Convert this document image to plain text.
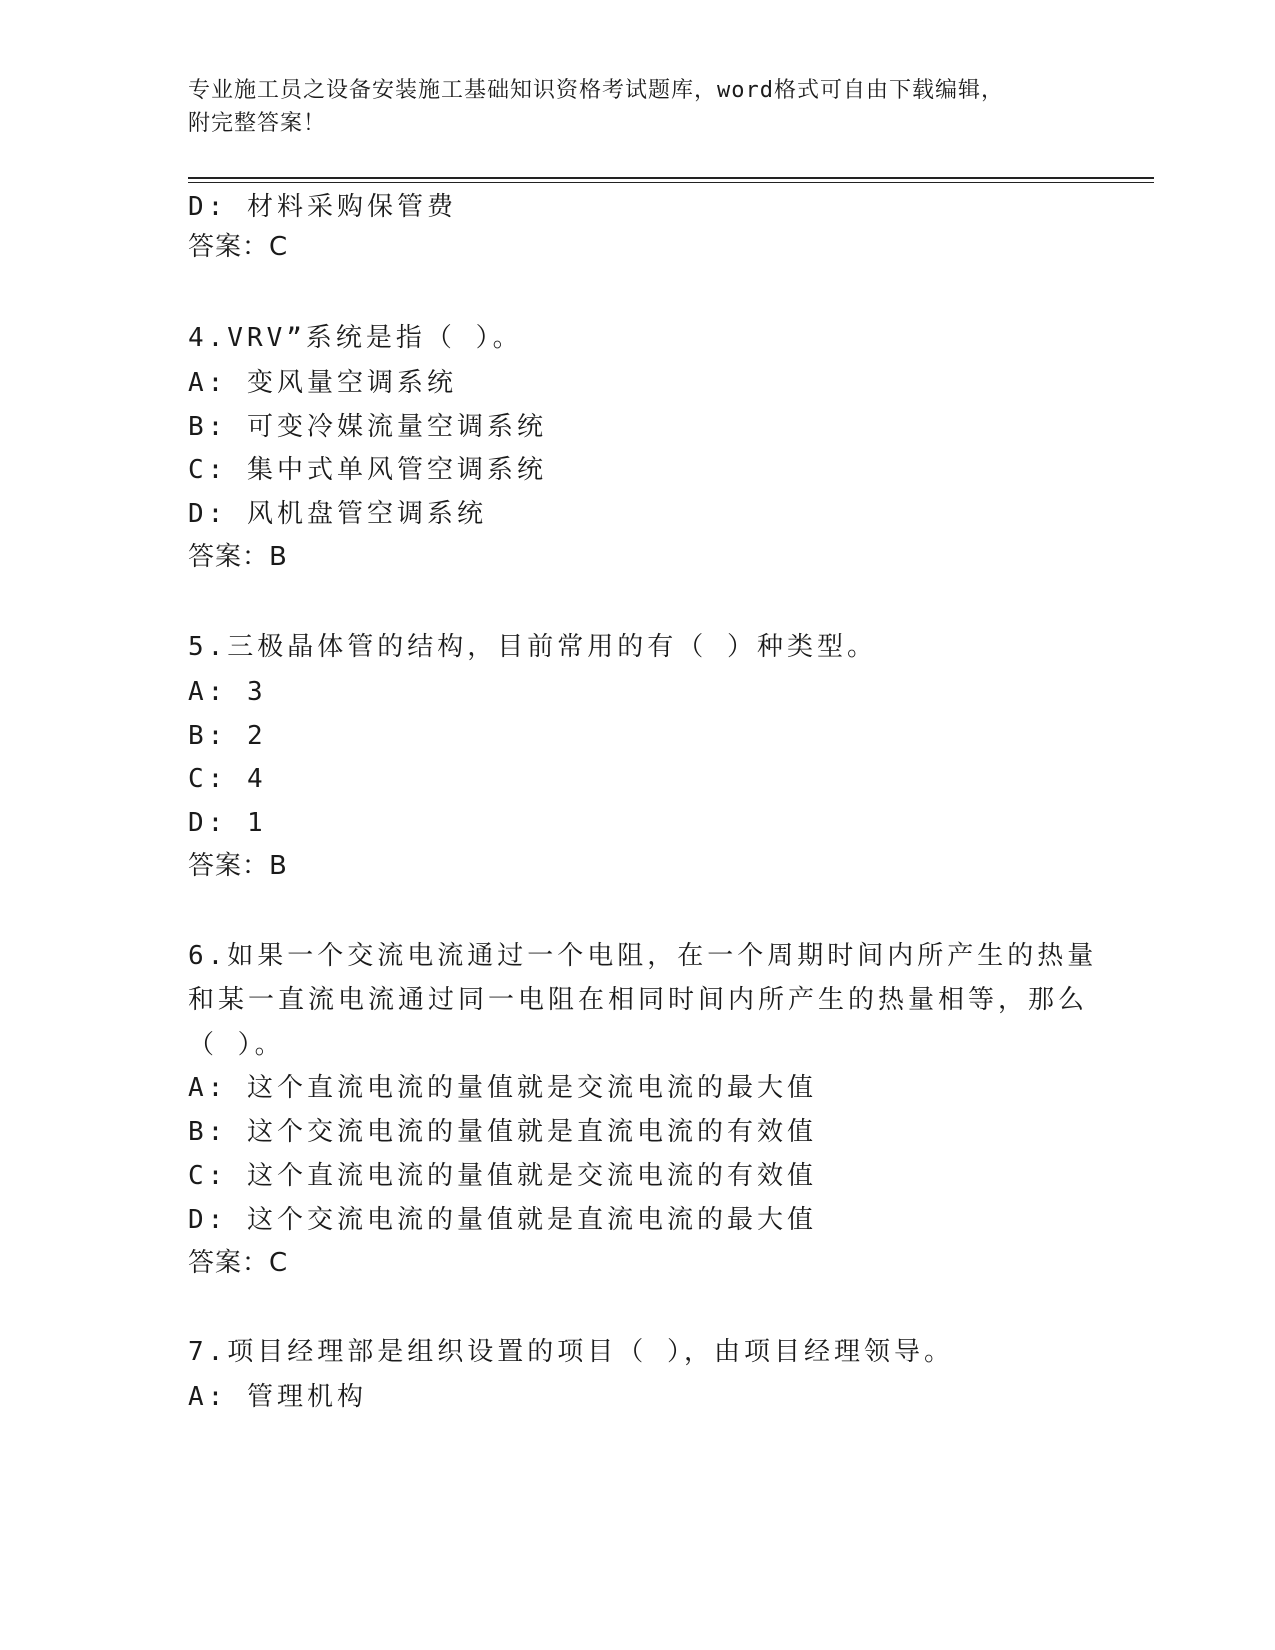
专业施工员之设备安装施工基础知识资格考试题库，word格式可自由下载编辑，
附完整答案！
D: 材料采购保管费
答案：C
4.VRV”系统是指（ ）。
A: 变风量空调系统
B: 可变冷媒流量空调系统
C: 集中式单风管空调系统
D: 风机盘管空调系统
答案：B
5.三极晶体管的结构，目前常用的有（ ）种类型。
A: 3
B: 2
C: 4
D: 1
答案：B
6.如果一个交流电流通过一个电阻，在一个周期时间内所产生的热量
和某一直流电流通过同一电阻在相同时间内所产生的热量相等，那么
（ ）。
A: 这个直流电流的量值就是交流电流的最大值
B: 这个交流电流的量值就是直流电流的有效值
C: 这个直流电流的量值就是交流电流的有效值
D: 这个交流电流的量值就是直流电流的最大值
答案：C
7.项目经理部是组织设置的项目（ ），由项目经理领导。
A: 管理机构
